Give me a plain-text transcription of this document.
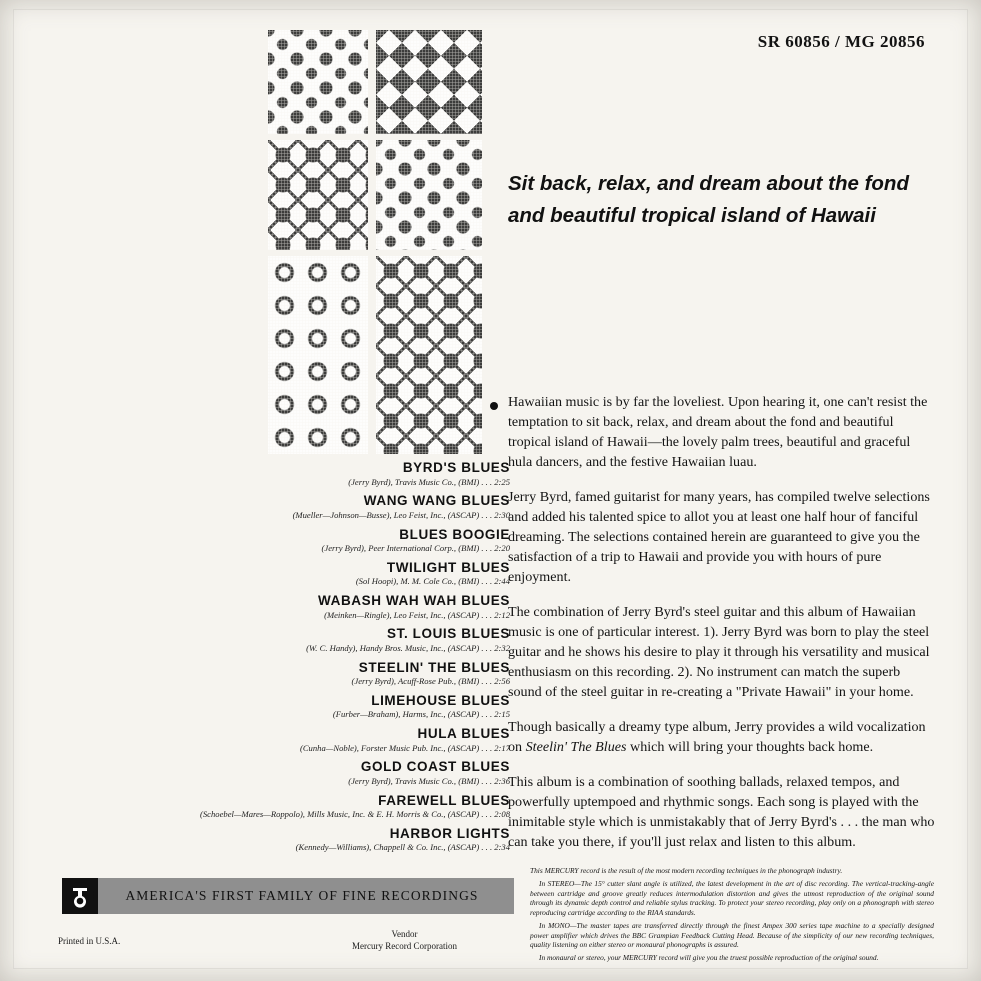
SR 60856 / MG 20856
BYRD'S BLUES
(Jerry Byrd), Travis Music Co., (BMI) . . . 2:25
WANG WANG BLUES
(Mueller—Johnson—Busse), Leo Feist, Inc., (ASCAP) . . . 2:30
BLUES BOOGIE
(Jerry Byrd), Peer International Corp., (BMI) . . . 2:20
TWILIGHT BLUES
(Sol Hoopi), M. M. Cole Co., (BMI) . . . 2:44
WABASH WAH WAH BLUES
(Meinken—Ringle), Leo Feist, Inc., (ASCAP) . . . 2:12
ST. LOUIS BLUES
(W. C. Handy), Handy Bros. Music, Inc., (ASCAP) . . . 2:32
STEELIN' THE BLUES
(Jerry Byrd), Acuff-Rose Pub., (BMI) . . . 2:56
LIMEHOUSE BLUES
(Furber—Braham), Harms, Inc., (ASCAP) . . . 2:15
HULA BLUES
(Cunha—Noble), Forster Music Pub. Inc., (ASCAP) . . . 2:17
GOLD COAST BLUES
(Jerry Byrd), Travis Music Co., (BMI) . . . 2:36
FAREWELL BLUES
(Schoebel—Mares—Roppolo), Mills Music, Inc. & E. H. Morris & Co., (ASCAP) . . . 2:08
HARBOR LIGHTS
(Kennedy—Williams), Chappell & Co. Inc., (ASCAP) . . . 2:34
Sit back, relax, and dream about the fond and beautiful tropical island of Hawaii

Hawaiian music is by far the loveliest. Upon hearing it, one can't resist the temptation to sit back, relax, and dream about the fond and beautiful tropical island of Hawaii—the lovely palm trees, beautiful and graceful hula dancers, and the festive Hawaiian luau.

Jerry Byrd, famed guitarist for many years, has compiled twelve selections and added his talented spice to allot you at least one half hour of fanciful dreaming. The selections contained herein are guaranteed to give you the satisfaction of a trip to Hawaii and provide you with hours of pure enjoyment.

The combination of Jerry Byrd's steel guitar and this album of Hawaiian music is one of particular interest. 1). Jerry Byrd was born to play the steel guitar and he shows his desire to play it through his versatility and musical enthusiasm on this recording. 2). No instrument can match the superb sound of the steel guitar in re-creating a "Private Hawaii" in your home.

Though basically a dreamy type album, Jerry provides a wild vocalization on Steelin' The Blues which will bring your thoughts back home.

This album is a combination of soothing ballads, relaxed tempos, and powerfully uptempoed and rhythmic songs. Each song is played with the inimitable style which is unmistakably that of Jerry Byrd's . . . the man who can take you there, if you'll just relax and listen to this album.

AMERICA'S FIRST FAMILY OF FINE RECORDINGS
Printed in U.S.A.
Vendor
Mercury Record Corporation

This MERCURY record is the result of the most modern recording techniques in the phonograph industry.

In STEREO—The 15° cutter slant angle is utilized, the latest development in the art of disc recording. The vertical-tracking-angle between cartridge and groove greatly reduces intermodulation distortion and gives the utmost reproduction of the original sound through its dynamic depth control and reliable stylus tracking. To protect your stereo recording, play only on a phonograph with stereo reproducing cartridge according to the RIAA standards.

In MONO—The master tapes are transferred directly through the finest Ampex 300 series tape machine to a specially designed power amplifier which drives the BBC Grampian Feedback Cutting Head. Because of the simplicity of our new recording techniques, quality listening on either stereo or monaural phonographs is assured.

In monaural or stereo, your MERCURY record will give you the truest possible reproduction of the original sound.
